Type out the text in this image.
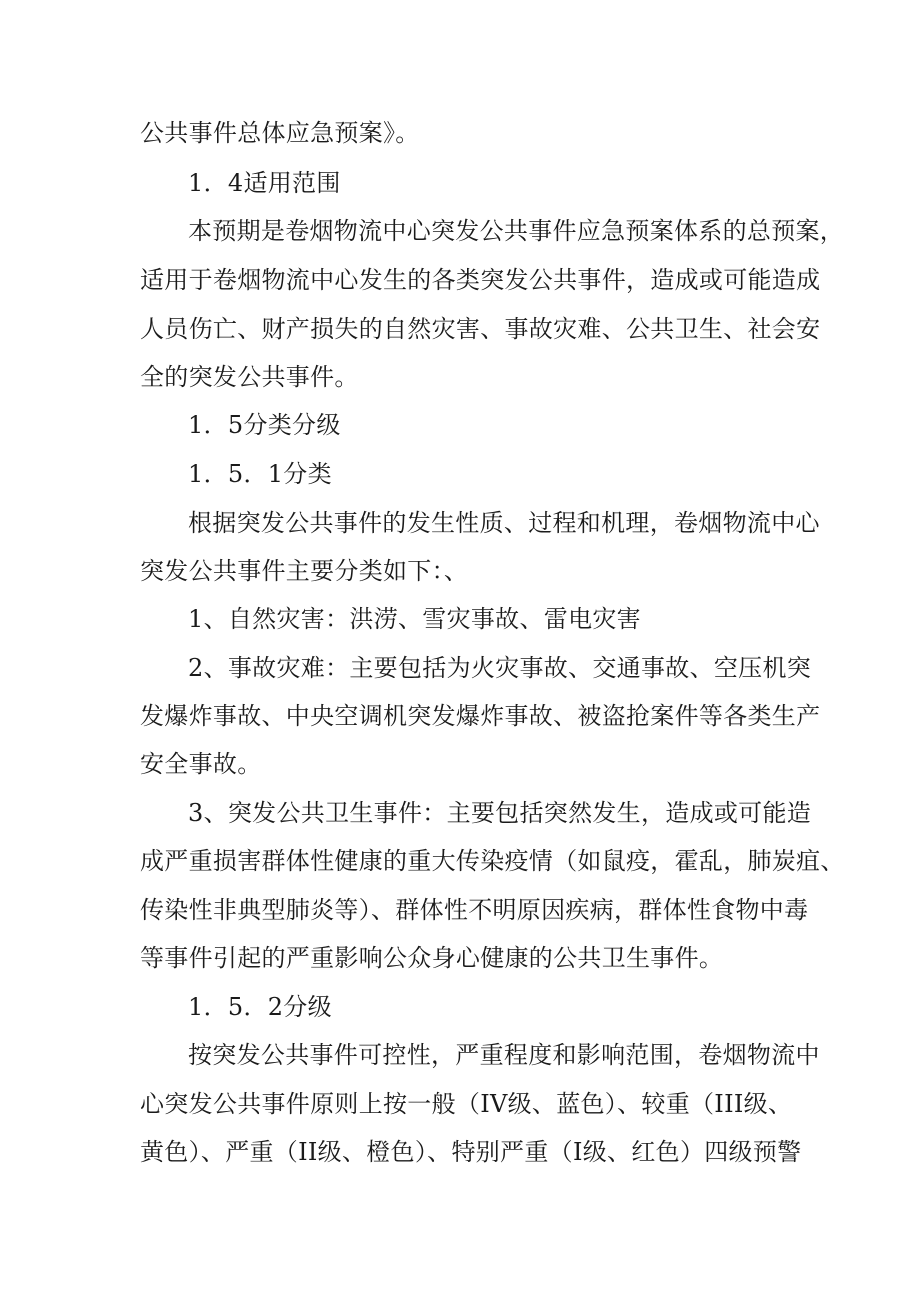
公共事件总体应急预案》。
1．4适用范围
本预期是卷烟物流中心突发公共事件应急预案体系的总预案，
适用于卷烟物流中心发生的各类突发公共事件，造成或可能造成
人员伤亡、财产损失的自然灾害、事故灾难、公共卫生、社会安
全的突发公共事件。
1．5分类分级
1．5．1分类
根据突发公共事件的发生性质、过程和机理，卷烟物流中心
突发公共事件主要分类如下：、
1、自然灾害：洪涝、雪灾事故、雷电灾害
2、事故灾难：主要包括为火灾事故、交通事故、空压机突
发爆炸事故、中央空调机突发爆炸事故、被盗抢案件等各类生产
安全事故。
3、突发公共卫生事件：主要包括突然发生，造成或可能造
成严重损害群体性健康的重大传染疫情（如鼠疫，霍乱，肺炭疽、
传染性非典型肺炎等）、群体性不明原因疾病，群体性食物中毒
等事件引起的严重影响公众身心健康的公共卫生事件。
1．5．2分级
按突发公共事件可控性，严重程度和影响范围，卷烟物流中
心突发公共事件原则上按一般（IV级、蓝色）、较重（III级、
黄色）、严重（II级、橙色）、特别严重（I级、红色）四级预警
